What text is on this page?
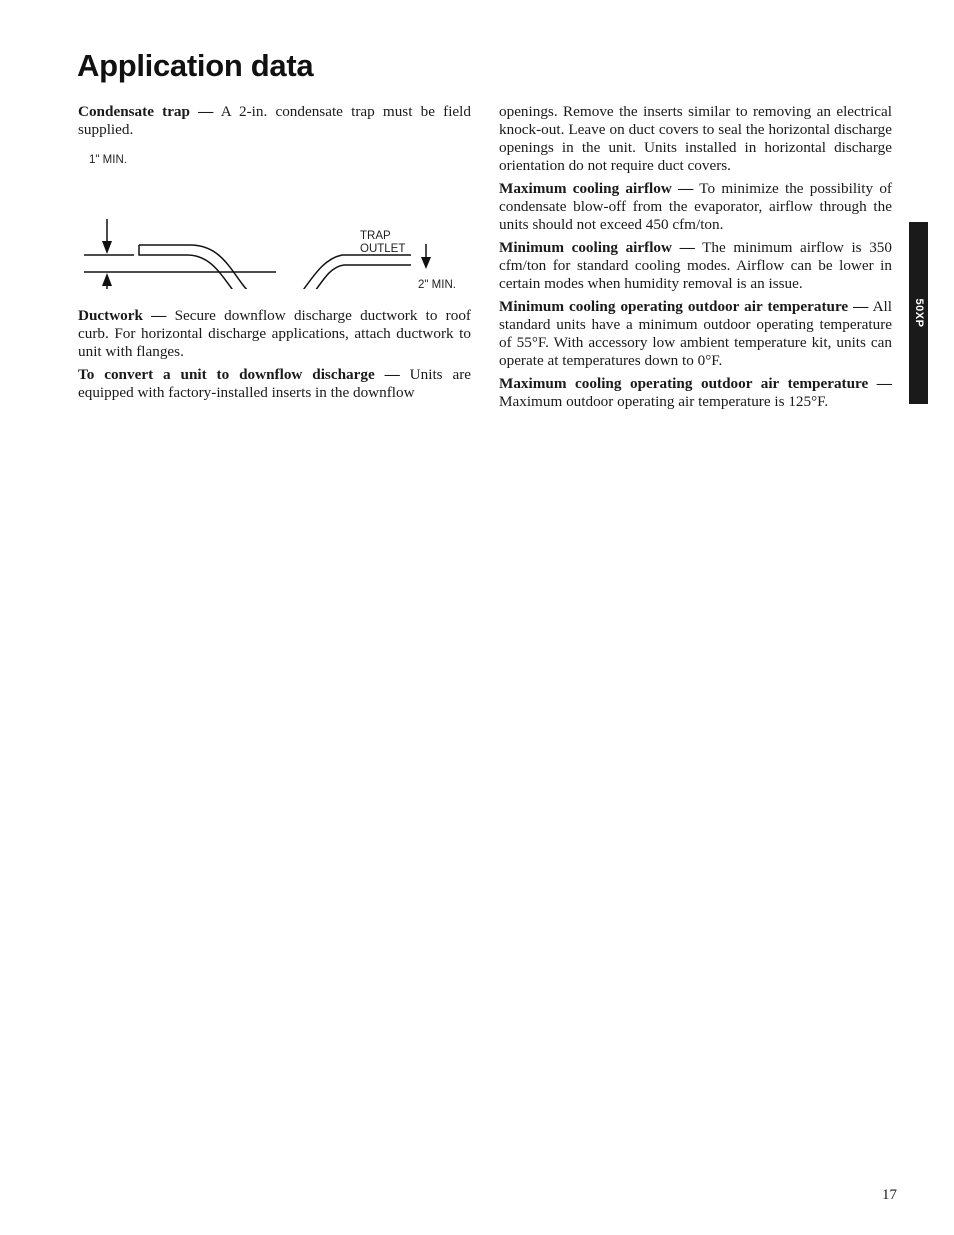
Application data

Condensate trap — A 2-in. condensate trap must be field supplied.

1" MIN.
TRAP
OUTLET
2" MIN.

Ductwork — Secure downflow discharge ductwork to roof curb. For horizontal discharge applications, attach ductwork to unit with flanges.

To convert a unit to downflow discharge — Units are equipped with factory-installed inserts in the downflow

openings. Remove the inserts similar to removing an electrical knock-out. Leave on duct covers to seal the horizontal discharge openings in the unit. Units installed in horizontal discharge orientation do not require duct covers.

Maximum cooling airflow — To minimize the possibility of condensate blow-off from the evaporator, airflow through the units should not exceed 450 cfm/ton.

Minimum cooling airflow — The minimum airflow is 350 cfm/ton for standard cooling modes. Airflow can be lower in certain modes when humidity removal is an issue.

Minimum cooling operating outdoor air temperature — All standard units have a minimum outdoor operating temperature of 55°F. With accessory low ambient temperature kit, units can operate at temperatures down to 0°F.

Maximum cooling operating outdoor air temperature — Maximum outdoor operating air temperature is 125°F.

50XP
17
